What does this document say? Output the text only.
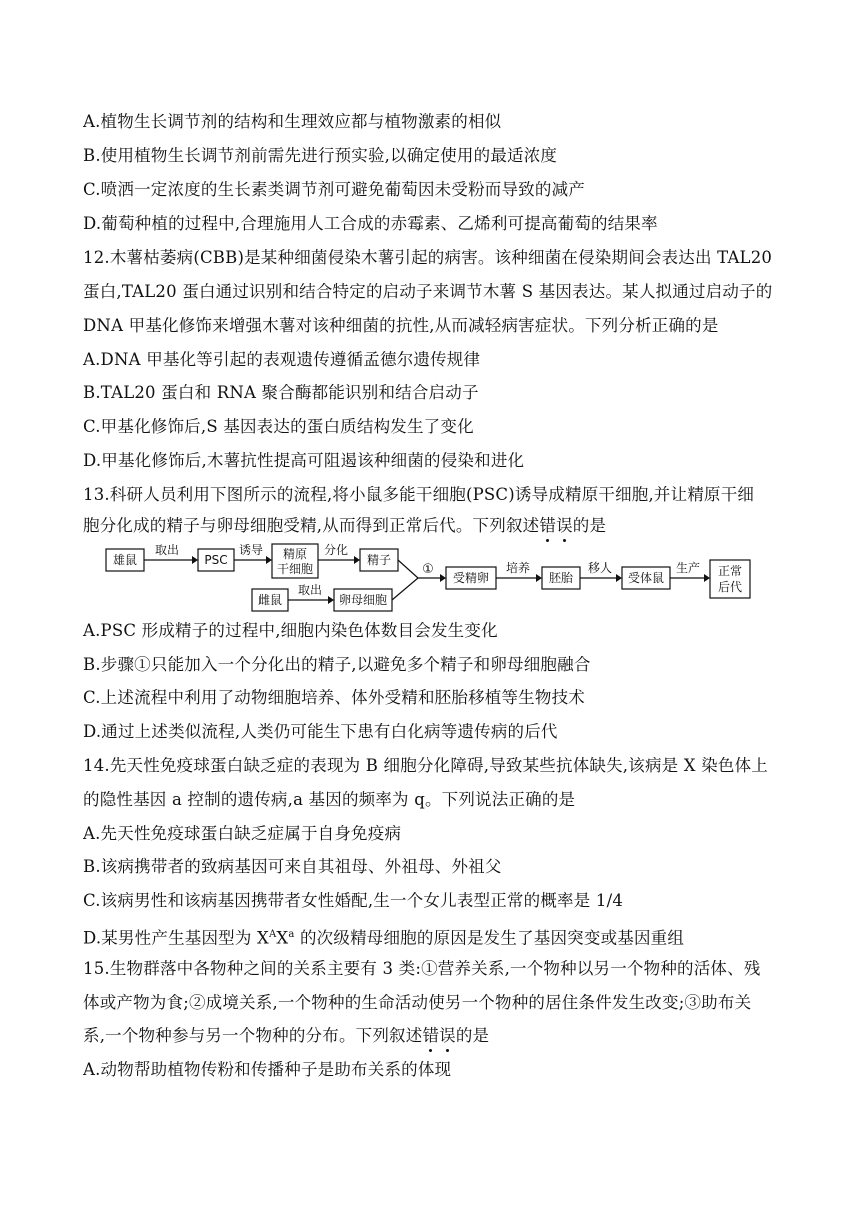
A.植物生长调节剂的结构和生理效应都与植物激素的相似
B.使用植物生长调节剂前需先进行预实验,以确定使用的最适浓度
C.喷洒一定浓度的生长素类调节剂可避免葡萄因未受粉而导致的减产
D.葡萄种植的过程中,合理施用人工合成的赤霉素、乙烯利可提高葡萄的结果率
12.木薯枯萎病(CBB)是某种细菌侵染木薯引起的病害。该种细菌在侵染期间会表达出 TAL20
蛋白,TAL20 蛋白通过识别和结合特定的启动子来调节木薯 S 基因表达。某人拟通过启动子的
DNA 甲基化修饰来增强木薯对该种细菌的抗性,从而减轻病害症状。下列分析正确的是
A.DNA 甲基化等引起的表观遗传遵循孟德尔遗传规律
B.TAL20 蛋白和 RNA 聚合酶都能识别和结合启动子
C.甲基化修饰后,S 基因表达的蛋白质结构发生了变化
D.甲基化修饰后,木薯抗性提高可阻遏该种细菌的侵染和进化
13.科研人员利用下图所示的流程,将小鼠多能干细胞(PSC)诱导成精原干细胞,并让精原干细
胞分化成的精子与卵母细胞受精,从而得到正常后代。下列叙述错误的是
雄鼠
取出
PSC
诱导 精原
干细胞
分化
精子
雌鼠
取出
卵母细胞
①
受精卵
培养
胚胎
移人
受体鼠
生产 正常
后代
A.PSC 形成精子的过程中,细胞内染色体数目会发生变化
B.步骤①只能加入一个分化出的精子,以避免多个精子和卵母细胞融合
C.上述流程中利用了动物细胞培养、体外受精和胚胎移植等生物技术
D.通过上述类似流程,人类仍可能生下患有白化病等遗传病的后代
14.先天性免疫球蛋白缺乏症的表现为 B 细胞分化障碍,导致某些抗体缺失,该病是 X 染色体上
的隐性基因 a 控制的遗传病,a 基因的频率为 q。下列说法正确的是
A.先天性免疫球蛋白缺乏症属于自身免疫病
B.该病携带者的致病基因可来自其祖母、外祖母、外祖父
C.该病男性和该病基因携带者女性婚配,生一个女儿表型正常的概率是 1/4
D.某男性产生基因型为 $X^AX^a$ 的次级精母细胞的原因是发生了基因突变或基因重组
15.生物群落中各物种之间的关系主要有 3 类:①营养关系,一个物种以另一个物种的活体、残
体或产物为食;②成境关系,一个物种的生命活动使另一个物种的居住条件发生改变;③助布关
系,一个物种参与另一个物种的分布。下列叙述错误的是
A.动物帮助植物传粉和传播种子是助布关系的体现
